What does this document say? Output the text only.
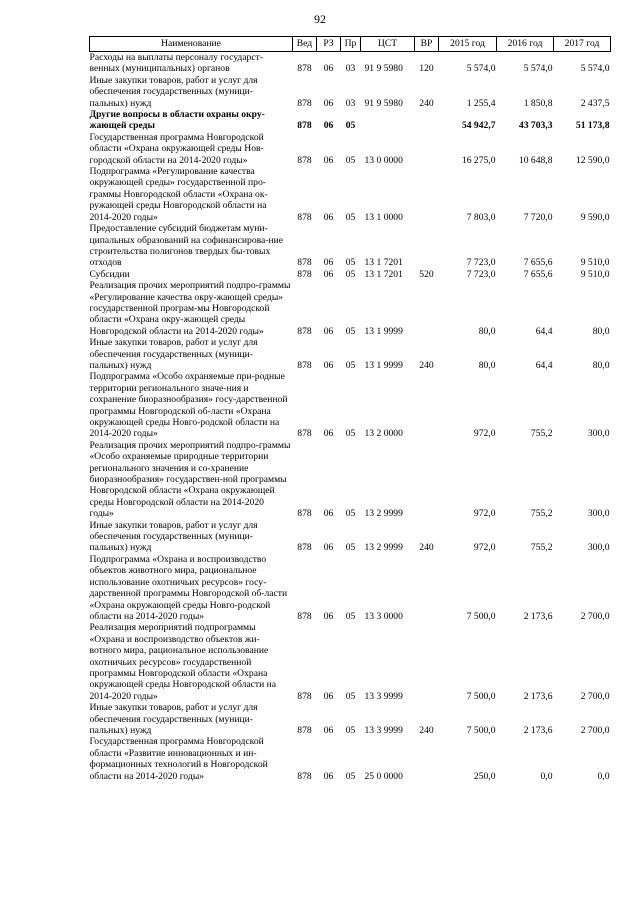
92
Наименование	Вед	РЗ	Пр	ЦСТ	ВР	2015 год	2016 год	2017 год
Расходы на выплаты персоналу государст-венных (муниципальных) органов	878	06	03	91 9 5980	120	5 574,0	5 574,0	5 574,0
Иные закупки товаров, работ и услуг для обеспечения государственных (муници-пальных) нужд	878	06	03	91 9 5980	240	1 255,4	1 850,8	2 437,5
Другие вопросы в области охраны окру-жающей среды	878	06	05			54 942,7	43 703,3	51 173,8
Государственная программа Новгородской области «Охрана окружающей среды Нов-городской области на 2014-2020 годы»	878	06	05	13 0 0000		16 275,0	10 648,8	12 590,0
Подпрограмма «Регулирование качества окружающей среды» государственной про-граммы Новгородской области «Охрана ок-ружающей среды Новгородской области на 2014-2020 годы»	878	06	05	13 1 0000		7 803,0	7 720,0	9 590,0
Предоставление субсидий бюджетам муни-ципальных образований на софинансирова-ние строительства полигонов твердых бы-товых отходов	878	06	05	13 1 7201		7 723,0	7 655,6	9 510,0
Субсидии	878	06	05	13 1 7201	520	7 723,0	7 655,6	9 510,0
Реализация прочих мероприятий подпро-граммы «Регулирование качества окру-жающей среды» государственной програм-мы Новгородской области «Охрана окру-жающей среды Новгородской области на 2014-2020 годы»	878	06	05	13 1 9999		80,0	64,4	80,0
Иные закупки товаров, работ и услуг для обеспечения государственных (муници-пальных) нужд	878	06	05	13 1 9999	240	80,0	64,4	80,0
Подпрограмма «Особо охраняемые при-родные территории регионального значе-ния и сохранение биоразнообразия» госу-дарственной программы Новгородской об-ласти «Охрана окружающей среды Новго-родской области на 2014-2020 годы»	878	06	05	13 2 0000		972,0	755,2	300,0
Реализация прочих мероприятий подпро-граммы «Особо охраняемые природные территории регионального значения и со-хранение биоразнообразия» государствен-ной программы Новгородской области «Охрана окружающей среды Новгородской области на 2014-2020 годы»	878	06	05	13 2 9999		972,0	755,2	300,0
Иные закупки товаров, работ и услуг для обеспечения государственных (муници-пальных) нужд	878	06	05	13 2 9999	240	972,0	755,2	300,0
Подпрограмма «Охрана и воспроизводство объектов животного мира, рациональное использование охотничьих ресурсов» госу-дарственной программы Новгородской об-ласти «Охрана окружающей среды Новго-родской области на 2014-2020 годы»	878	06	05	13 3 0000		7 500,0	2 173,6	2 700,0
Реализация мероприятий подпрограммы «Охрана и воспроизводство объектов жи-вотного мира, рациональное использование охотничьих ресурсов» государственной программы Новгородской области «Охрана окружающей среды Новгородской области на 2014-2020 годы»	878	06	05	13 3 9999		7 500,0	2 173,6	2 700,0
Иные закупки товаров, работ и услуг для обеспечения государственных (муници-пальных) нужд	878	06	05	13 3 9999	240	7 500,0	2 173,6	2 700,0
Государственная программа Новгородской области «Развитие инновационных и ин-формационных технологий в Новгородской области на 2014-2020 годы»	878	06	05	25 0 0000		250,0	0,0	0,0
